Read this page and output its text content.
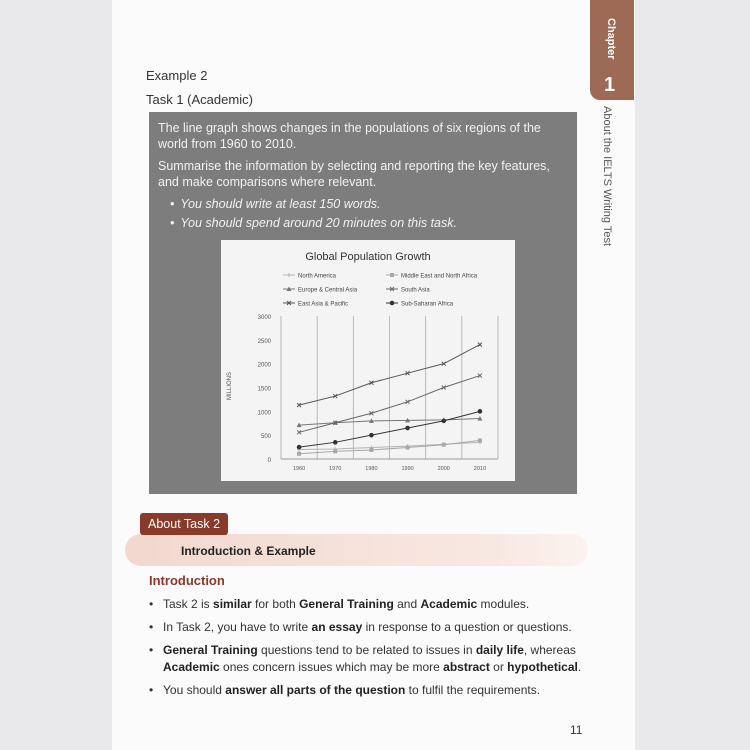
Chapter
1
About the IELTS Writing Test
Example 2
Task 1 (Academic)

The line graph shows changes in the populations of six regions of the world from 1960 to 2010.

Summarise the information by selecting and reporting the key features, and make comparisons where relevant.

• You should write at least 150 words.
• You should spend around 20 minutes on this task.
Global Population Growth
0
500
1000
1500
2000
2500
3000
1960	1970	1980	1990	2000	2010
MILLIONS
North America	Middle East and North Africa
Europe & Central Asia	South Asia
East Asia & Pacific	Sub-Saharan Africa
Introduction & Example
About Task 2
Introduction
• Task 2 is similar for both General Training and Academic modules.
• In Task 2, you have to write an essay in response to a question or questions.
• General Training questions tend to be related to issues in daily life, whereas Academic ones concern issues which may be more abstract or hypothetical.
• You should answer all parts of the question to fulfil the requirements.
11
